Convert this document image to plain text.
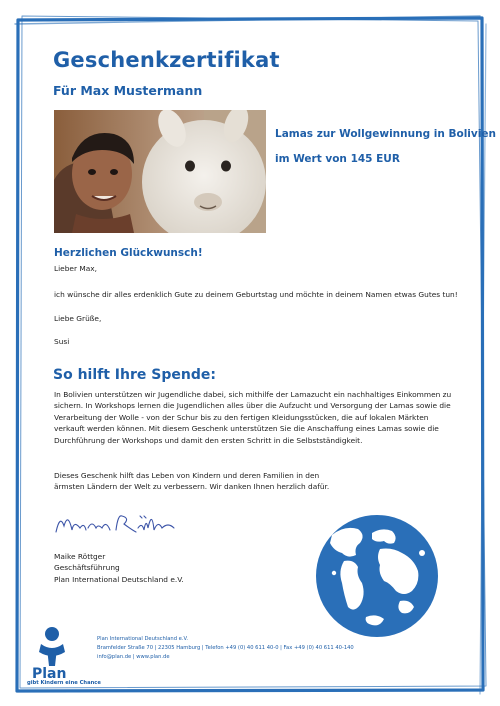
Geschenkzertifikat
Für Max Mustermann
Lamas zur Wollgewinnung in Bolivien
im Wert von 145 EUR
Herzlichen Glückwunsch!
Lieber Max,
ich wünsche dir alles erdenklich Gute zu deinem Geburtstag und möchte in deinem Namen etwas Gutes tun!
Liebe Grüße,
Susi
So hilft Ihre Spende:
In Bolivien unterstützen wir Jugendliche dabei, sich mithilfe der Lamazucht ein nachhaltiges Einkommen zu
sichern. In Workshops lernen die Jugendlichen alles über die Aufzucht und Versorgung der Lamas sowie die
Verarbeitung der Wolle - von der Schur bis zu den fertigen Kleidungsstücken, die auf lokalen Märkten
verkauft werden können. Mit diesem Geschenk unterstützen Sie die Anschaffung eines Lamas sowie die
Durchführung der Workshops und damit den ersten Schritt in die Selbstständigkeit.
Dieses Geschenk hilft das Leben von Kindern und deren Familien in den
ärmsten Ländern der Welt zu verbessern. Wir danken Ihnen herzlich dafür.
Maike Röttger
Geschäftsführung
Plan International Deutschland e.V.
Plan
gibt Kindern eine Chance
Plan International Deutschland e.V.
Bramfelder Straße 70 | 22305 Hamburg | Telefon +49 (0) 40 611 40-0 | Fax +49 (0) 40 611 40-140
info@plan.de | www.plan.de
